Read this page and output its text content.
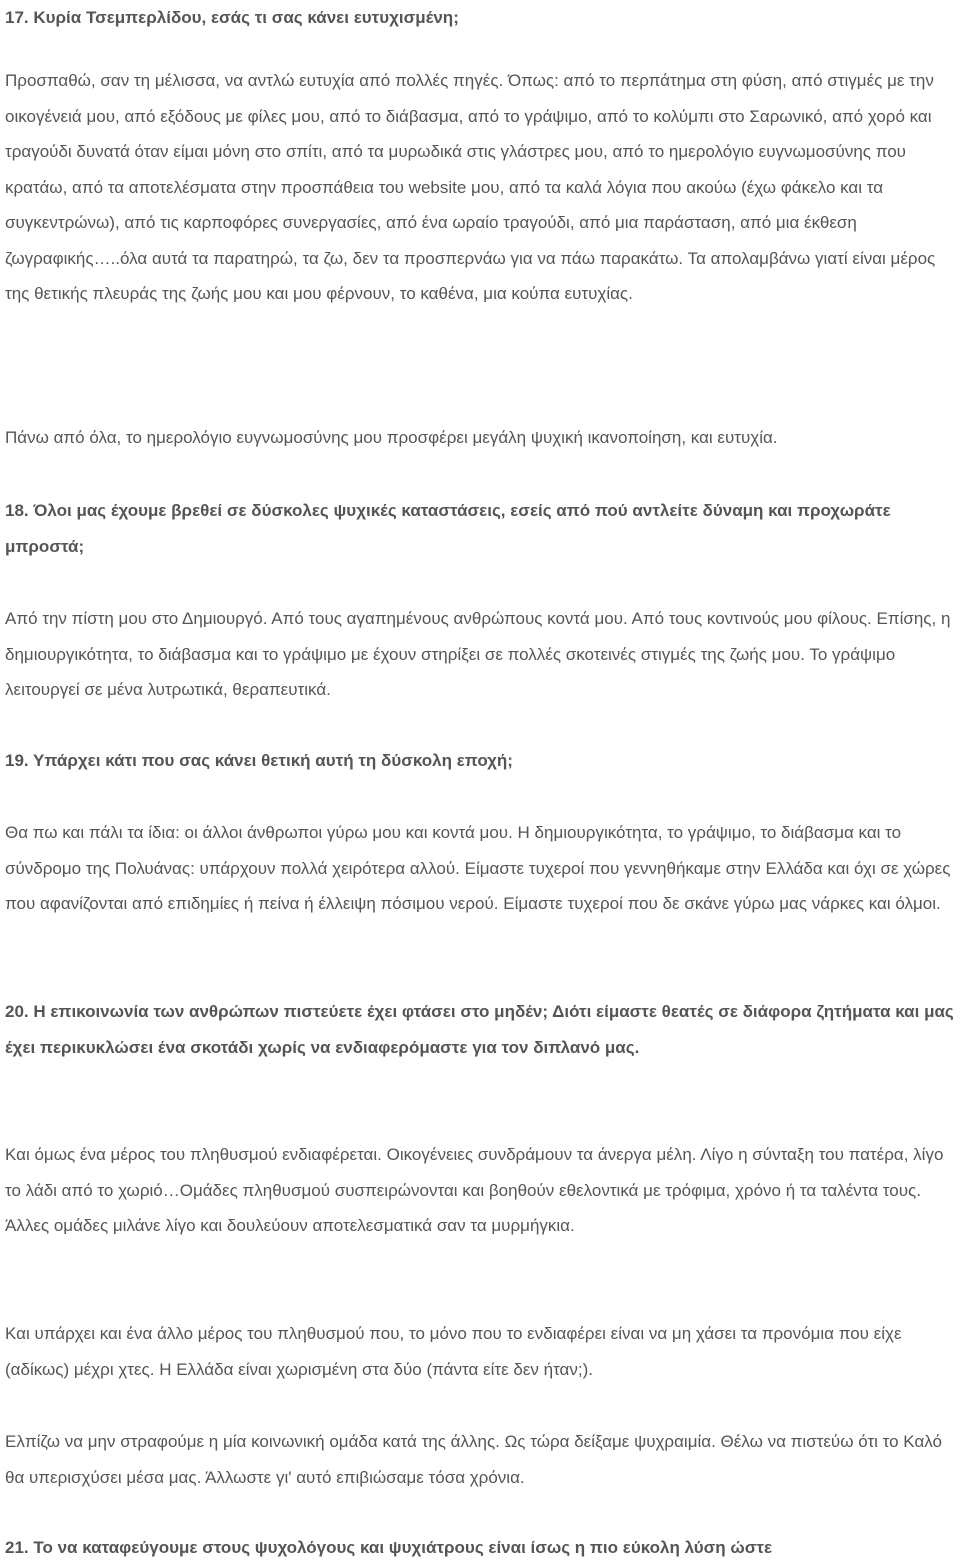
17. Κυρία Τσεμπερλίδου, εσάς τι σας κάνει ευτυχισμένη;

Προσπαθώ, σαν τη μέλισσα, να αντλώ ευτυχία από πολλές πηγές. Όπως: από το περπάτημα στη φύση, από στιγμές με την οικογένειά μου, από εξόδους με φίλες μου, από το διάβασμα, από το γράψιμο, από το κολύμπι στο Σαρωνικό, από χορό και τραγούδι δυνατά όταν είμαι μόνη στο σπίτι, από τα μυρωδικά στις γλάστρες μου, από το ημερολόγιο ευγνωμοσύνης που κρατάω, από τα αποτελέσματα στην προσπάθεια του website μου, από τα καλά λόγια που ακούω (έχω φάκελο και τα συγκεντρώνω), από τις καρποφόρες συνεργασίες, από ένα ωραίο τραγούδι, από μια παράσταση, από μια έκθεση ζωγραφικής…..όλα αυτά τα παρατηρώ, τα ζω, δεν τα προσπερνάω για να πάω παρακάτω. Τα απολαμβάνω γιατί είναι μέρος της θετικής πλευράς της ζωής μου και μου φέρνουν, το καθένα, μια κούπα ευτυχίας.

Πάνω από όλα, το ημερολόγιο ευγνωμοσύνης μου προσφέρει μεγάλη ψυχική ικανοποίηση, και ευτυχία.

18. Όλοι μας έχουμε βρεθεί σε δύσκολες ψυχικές καταστάσεις, εσείς από πού αντλείτε δύναμη και προχωράτε μπροστά;

Από την πίστη μου στο Δημιουργό. Από τους αγαπημένους ανθρώπους κοντά μου. Από τους κοντινούς μου φίλους. Επίσης, η δημιουργικότητα, το διάβασμα και το γράψιμο με έχουν στηρίξει σε πολλές σκοτεινές στιγμές της ζωής μου. Το γράψιμο λειτουργεί σε μένα λυτρωτικά, θεραπευτικά.

19. Υπάρχει κάτι που σας κάνει θετική αυτή τη δύσκολη εποχή;

Θα πω και πάλι τα ίδια: οι άλλοι άνθρωποι γύρω μου και κοντά μου. Η δημιουργικότητα, το γράψιμο, το διάβασμα και το σύνδρομο της Πολυάνας: υπάρχουν πολλά χειρότερα αλλού. Είμαστε τυχεροί που γεννηθήκαμε στην Ελλάδα και όχι σε χώρες που αφανίζονται από επιδημίες ή πείνα ή έλλειψη πόσιμου νερού. Είμαστε τυχεροί που δε σκάνε γύρω μας νάρκες και όλμοι.

20. Η επικοινωνία των ανθρώπων πιστεύετε έχει φτάσει στο μηδέν; Διότι είμαστε θεατές σε διάφορα ζητήματα και μας έχει περικυκλώσει ένα σκοτάδι χωρίς να ενδιαφερόμαστε για τον διπλανό μας.

Και όμως ένα μέρος του πληθυσμού ενδιαφέρεται. Οικογένειες συνδράμουν τα άνεργα μέλη. Λίγο η σύνταξη του πατέρα, λίγο το λάδι από το χωριό…Ομάδες πληθυσμού συσπειρώνονται και βοηθούν εθελοντικά με τρόφιμα, χρόνο ή τα ταλέντα τους. Άλλες ομάδες μιλάνε λίγο και δουλεύουν αποτελεσματικά σαν τα μυρμήγκια.

Και υπάρχει και ένα άλλο μέρος του πληθυσμού που, το μόνο που το ενδιαφέρει είναι να μη χάσει τα προνόμια που είχε (αδίκως) μέχρι χτες. Η Ελλάδα είναι χωρισμένη στα δύο (πάντα είτε δεν ήταν;).

Ελπίζω να μην στραφούμε η μία κοινωνική ομάδα κατά της άλλης. Ως τώρα δείξαμε ψυχραιμία. Θέλω να πιστεύω ότι το Καλό θα υπερισχύσει μέσα μας. Άλλωστε γι' αυτό επιβιώσαμε τόσα χρόνια.

21. Το να καταφεύγουμε στους ψυχολόγους και ψυχιάτρους είναι ίσως η πιο εύκολη λύση ώστε
